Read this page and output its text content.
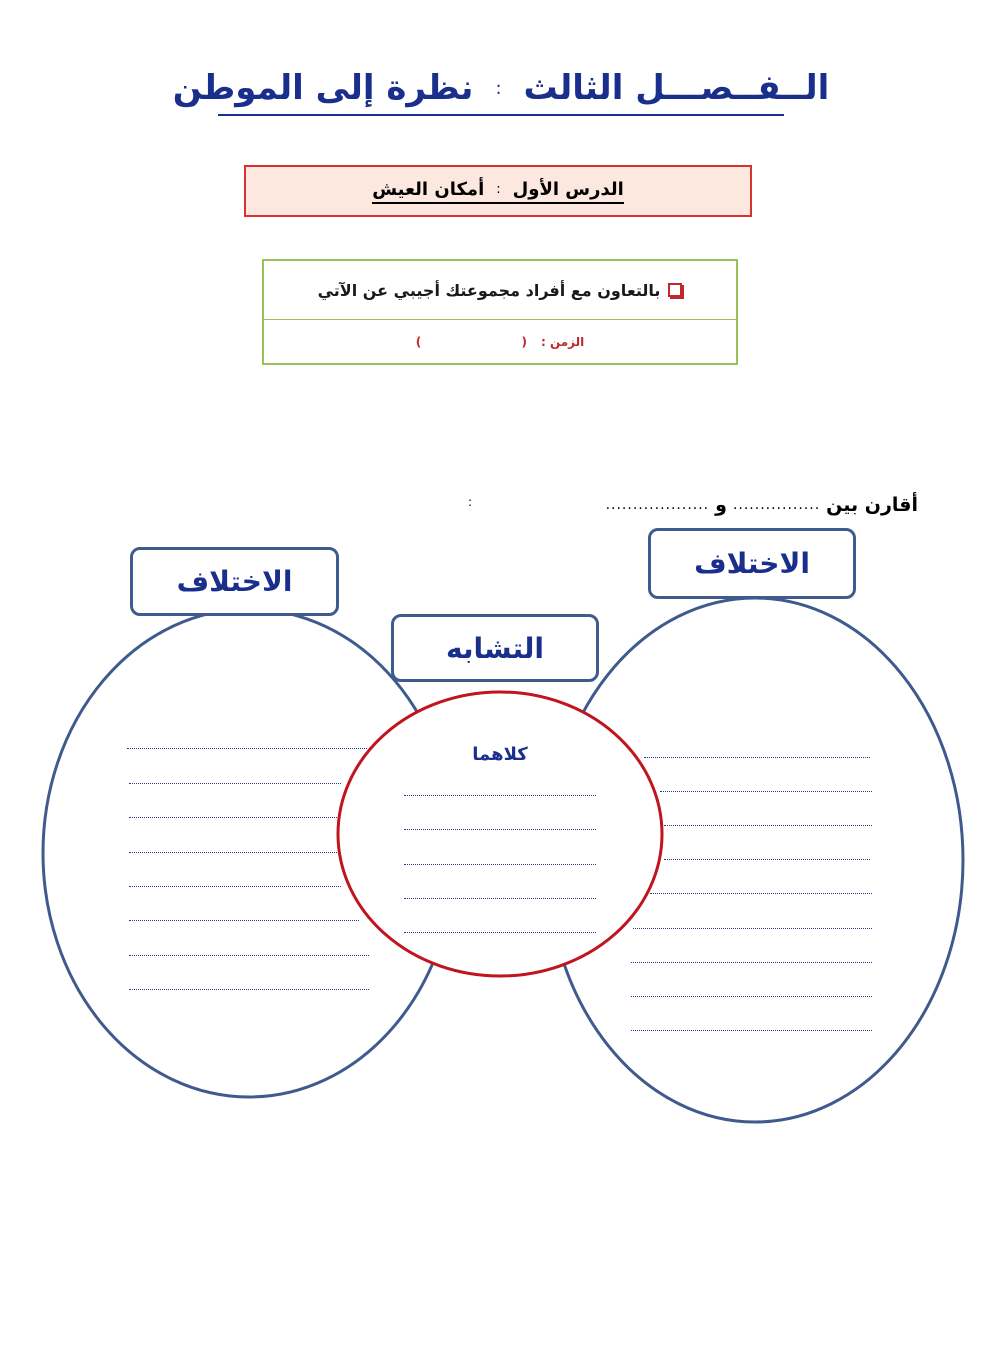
الــفــصـــل الثالث
:
نظرة إلى الموطن
الدرس الأول
:
أمكان العيش
بالتعاون مع أفراد مجموعتك أجيبي عن الآتي
الزمن :
(                        )
أقارن بين
................
و
...................
:
الاختلاف
الاختلاف
التشابه
كلاهما
